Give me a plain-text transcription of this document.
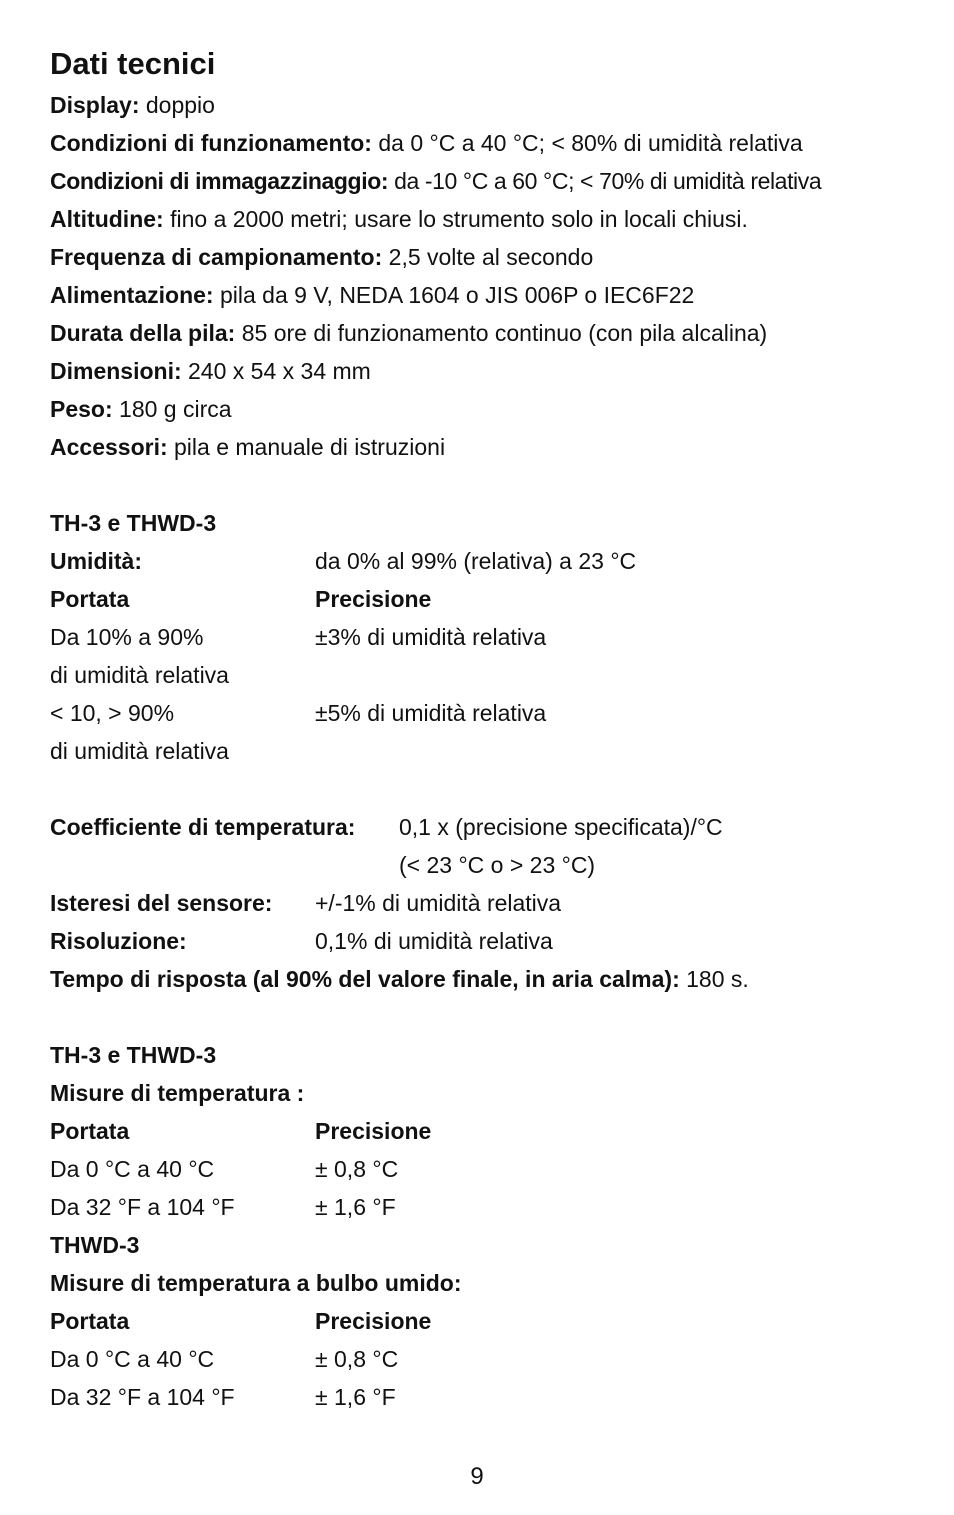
Dati tecnici
Display: doppio
Condizioni di funzionamento: da 0 °C a 40 °C; < 80% di umidità relativa
Condizioni di immagazzinaggio: da -10 °C a 60 °C; < 70% di umidità relativa
Altitudine: fino a 2000 metri; usare lo strumento solo in locali chiusi.
Frequenza di campionamento: 2,5 volte al secondo
Alimentazione: pila da 9 V, NEDA 1604 o JIS 006P o IEC6F22
Durata della pila: 85 ore di funzionamento continuo (con pila alcalina)
Dimensioni: 240 x 54 x 34 mm
Peso: 180 g circa
Accessori: pila e manuale di istruzioni
TH-3 e THWD-3
Umidità:	da 0% al 99% (relativa) a 23 °C
Portata	Precisione
Da 10% a 90%	±3% di umidità relativa
di umidità relativa
< 10, > 90%	±5% di umidità relativa
di umidità relativa
Coefficiente di temperatura:	0,1 x (precisione specificata)/°C
(< 23 °C o > 23 °C)
Isteresi del sensore:	+/-1% di umidità relativa
Risoluzione:	0,1% di umidità relativa
Tempo di risposta (al 90% del valore finale, in aria calma): 180 s.
TH-3 e THWD-3
Misure di temperatura :
Portata	Precisione
Da 0 °C a 40 °C	± 0,8 °C
Da 32 °F a 104 °F	± 1,6 °F
THWD-3
Misure di temperatura a bulbo umido:
Portata	Precisione
Da 0 °C a 40 °C	± 0,8 °C
Da 32 °F a 104 °F	± 1,6 °F
9
